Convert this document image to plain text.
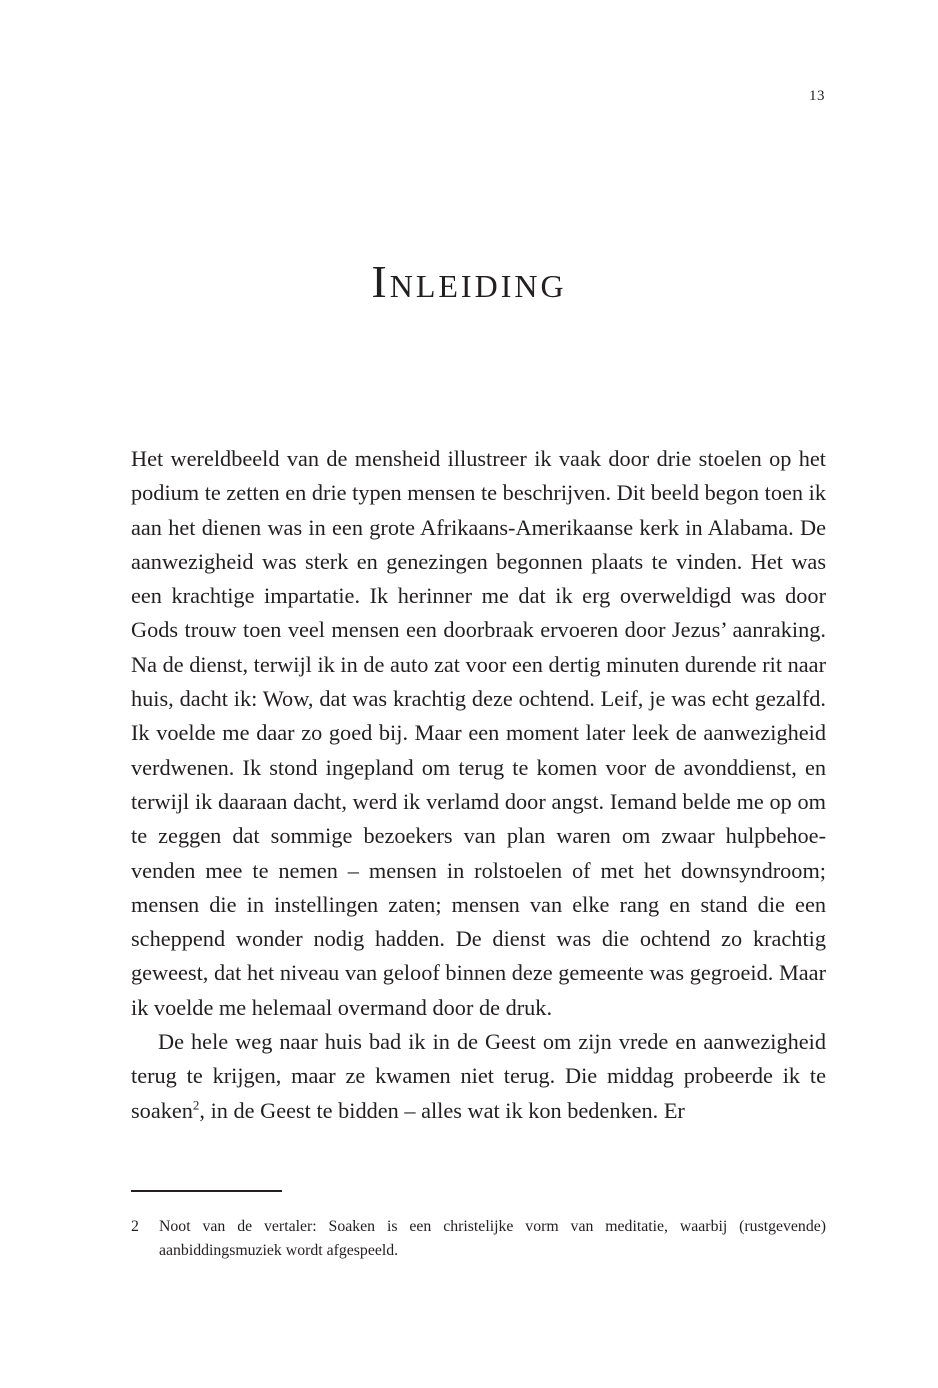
13
Inleiding

Het wereldbeeld van de mensheid illustreer ik vaak door drie stoelen op het podium te zetten en drie typen mensen te beschrijven. Dit beeld begon toen ik aan het dienen was in een grote Afrikaans-Amerikaanse kerk in Alabama. De aanwezigheid was sterk en genezingen begonnen plaats te vinden. Het was een krachtige impartatie. Ik herinner me dat ik erg overweldigd was door Gods trouw toen veel mensen een doorbraak ervoeren door Jezus’ aanraking. Na de dienst, terwijl ik in de auto zat voor een dertig minuten durende rit naar huis, dacht ik: Wow, dat was krachtig deze ochtend. Leif, je was echt gezalfd. Ik voelde me daar zo goed bij. Maar een moment later leek de aanwezigheid verdwenen. Ik stond ingepland om terug te komen voor de avonddienst, en terwijl ik daaraan dacht, werd ik verlamd door angst. Iemand belde me op om te zeggen dat sommige bezoekers van plan waren om zwaar hulpbehoevenden mee te nemen – mensen in rolstoelen of met het downsyndroom; mensen die in instellingen zaten; mensen van elke rang en stand die een scheppend wonder nodig hadden. De dienst was die ochtend zo krachtig geweest, dat het niveau van geloof binnen deze gemeente was gegroeid. Maar ik voelde me helemaal overmand door de druk.

De hele weg naar huis bad ik in de Geest om zijn vrede en aanwezigheid terug te krijgen, maar ze kwamen niet terug. Die middag probeerde ik te soaken$^2$, in de Geest te bidden – alles wat ik kon bedenken. Er

2	Noot van de vertaler: Soaken is een christelijke vorm van meditatie, waarbij (rustgevende) aanbiddingsmuziek wordt afgespeeld.
